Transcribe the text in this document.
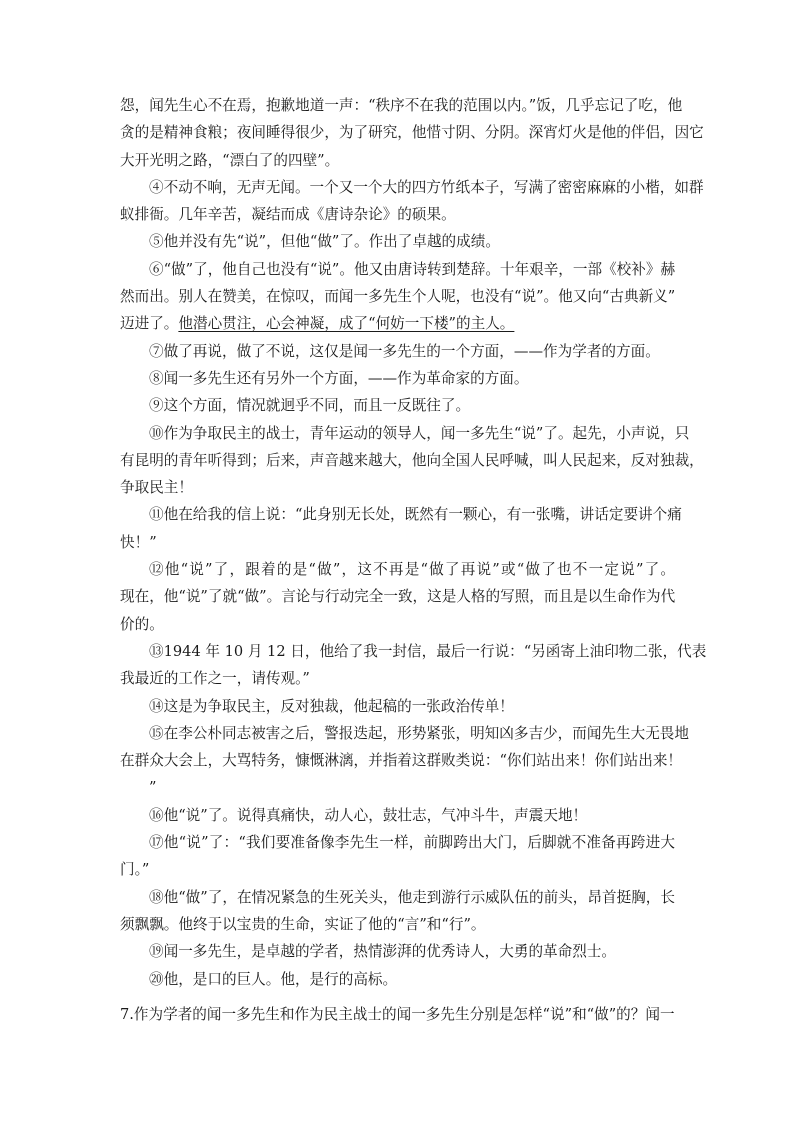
怨，闻先生心不在焉，抱歉地道一声：“秩序不在我的范围以内。”饭，几乎忘记了吃，他
贪的是精神食粮；夜间睡得很少，为了研究，他惜寸阴、分阴。深宵灯火是他的伴侣，因它
大开光明之路，“漂白了的四壁”。
④不动不响，无声无闻。一个又一个大的四方竹纸本子，写满了密密麻麻的小楷，如群
蚁排衙。几年辛苦，凝结而成《唐诗杂论》的硕果。
⑤他并没有先“说”，但他“做”了。作出了卓越的成绩。
⑥“做”了，他自己也没有“说”。他又由唐诗转到楚辞。十年艰辛，一部《校补》赫
然而出。别人在赞美，在惊叹，而闻一多先生个人呢，也没有“说”。他又向“古典新义”
迈进了。他潜心贯注，心会神凝，成了“何妨一下楼”的主人。
⑦做了再说，做了不说，这仅是闻一多先生的一个方面，——作为学者的方面。
⑧闻一多先生还有另外一个方面，——作为革命家的方面。
⑨这个方面，情况就迥乎不同，而且一反既往了。
⑩作为争取民主的战士，青年运动的领导人，闻一多先生“说”了。起先，小声说，只
有昆明的青年听得到；后来，声音越来越大，他向全国人民呼喊，叫人民起来，反对独裁，
争取民主！
⑪他在给我的信上说：“此身别无长处，既然有一颗心，有一张嘴，讲话定要讲个痛
快！”
⑫他“说”了，跟着的是“做”，这不再是“做了再说”或“做了也不一定说”了。
现在，他“说”了就“做”。言论与行动完全一致，这是人格的写照，而且是以生命作为代
价的。
⑬1944 年 10 月 12 日，他给了我一封信，最后一行说：“另函寄上油印物二张，代表
我最近的工作之一，请传观。”
⑭这是为争取民主，反对独裁，他起稿的一张政治传单！
⑮在李公朴同志被害之后，警报迭起，形势紧张，明知凶多吉少，而闻先生大无畏地
在群众大会上，大骂特务，慷慨淋漓，并指着这群败类说：“你们站出来！你们站出来！
”
⑯他“说”了。说得真痛快，动人心，鼓壮志，气冲斗牛，声震天地！
⑰他“说”了：“我们要准备像李先生一样，前脚跨出大门，后脚就不准备再跨进大
门。”
⑱他“做”了，在情况紧急的生死关头，他走到游行示威队伍的前头，昂首挺胸，长
须飘飘。他终于以宝贵的生命，实证了他的“言”和“行”。
⑲闻一多先生，是卓越的学者，热情澎湃的优秀诗人，大勇的革命烈士。
⑳他，是口的巨人。他，是行的高标。
7.作为学者的闻一多先生和作为民主战士的闻一多先生分别是怎样“说”和“做”的？闻一
